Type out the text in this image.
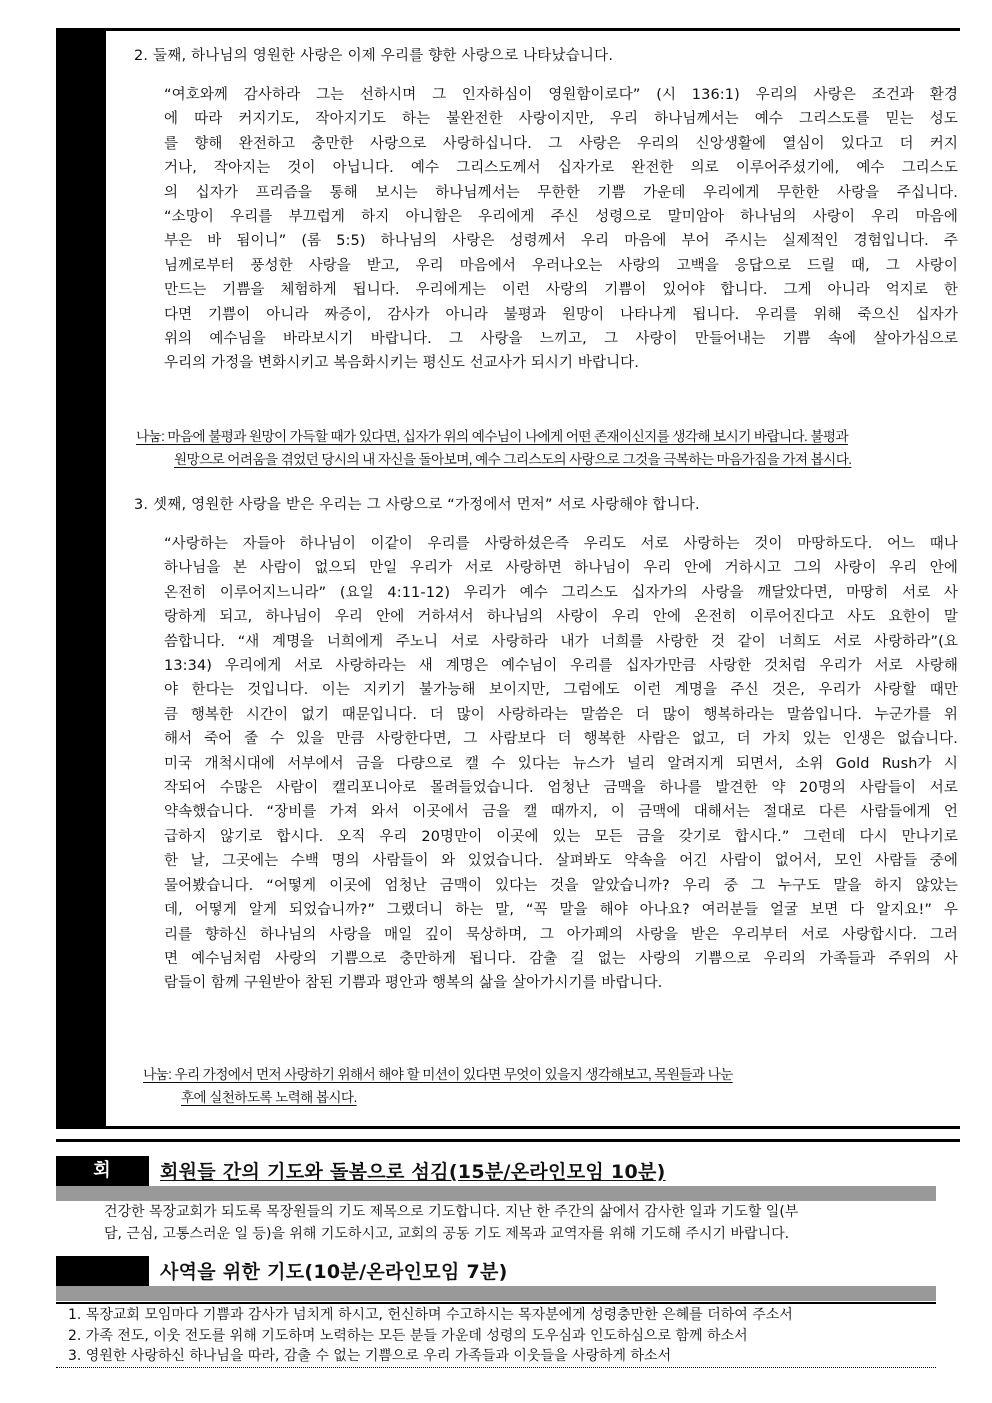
2. 둘째, 하나님의 영원한 사랑은 이제 우리를 향한 사랑으로 나타났습니다.
“여호와께 감사하라 그는 선하시며 그 인자하심이 영원함이로다” (시 136:1) 우리의 사랑은 조건과 환경
에 따라 커지기도, 작아지기도 하는 불완전한 사랑이지만, 우리 하나님께서는 예수 그리스도를 믿는 성도
를 향해 완전하고 충만한 사랑으로 사랑하십니다. 그 사랑은 우리의 신앙생활에 열심이 있다고 더 커지
거나, 작아지는 것이 아닙니다. 예수 그리스도께서 십자가로 완전한 의로 이루어주셨기에, 예수 그리스도
의 십자가 프리즘을 통해 보시는 하나님께서는 무한한 기쁨 가운데 우리에게 무한한 사랑을 주십니다.
“소망이 우리를 부끄럽게 하지 아니함은 우리에게 주신 성령으로 말미암아 하나님의 사랑이 우리 마음에
부은 바 됨이니” (롬 5:5) 하나님의 사랑은 성령께서 우리 마음에 부어 주시는 실제적인 경험입니다. 주
님께로부터 풍성한 사랑을 받고, 우리 마음에서 우러나오는 사랑의 고백을 응답으로 드릴 때, 그 사랑이
만드는 기쁨을 체험하게 됩니다. 우리에게는 이런 사랑의 기쁨이 있어야 합니다. 그게 아니라 억지로 한
다면 기쁨이 아니라 짜증이, 감사가 아니라 불평과 원망이 나타나게 됩니다. 우리를 위해 죽으신 십자가
위의 예수님을 바라보시기 바랍니다. 그 사랑을 느끼고, 그 사랑이 만들어내는 기쁨 속에 살아가심으로
우리의 가정을 변화시키고 복음화시키는 평신도 선교사가 되시기 바랍니다.
나눔: 마음에 불평과 원망이 가득할 때가 있다면, 십자가 위의 예수님이 나에게 어떤 존재이신지를 생각해 보시기 바랍니다. 불평과
원망으로 어려움을 겪었던 당시의 내 자신을 돌아보며, 예수 그리스도의 사랑으로 그것을 극복하는 마음가짐을 가져 봅시다.
3. 셋째, 영원한 사랑을 받은 우리는 그 사랑으로 “가정에서 먼저” 서로 사랑해야 합니다.
“사랑하는 자들아 하나님이 이같이 우리를 사랑하셨은즉 우리도 서로 사랑하는 것이 마땅하도다. 어느 때나
하나님을 본 사람이 없으되 만일 우리가 서로 사랑하면 하나님이 우리 안에 거하시고 그의 사랑이 우리 안에
온전히 이루어지느니라” (요일 4:11-12) 우리가 예수 그리스도 십자가의 사랑을 깨달았다면, 마땅히 서로 사
랑하게 되고, 하나님이 우리 안에 거하셔서 하나님의 사랑이 우리 안에 온전히 이루어진다고 사도 요한이 말
씀합니다. “새 계명을 너희에게 주노니 서로 사랑하라 내가 너희를 사랑한 것 같이 너희도 서로 사랑하라”(요
13:34) 우리에게 서로 사랑하라는 새 계명은 예수님이 우리를 십자가만큼 사랑한 것처럼 우리가 서로 사랑해
야 한다는 것입니다. 이는 지키기 불가능해 보이지만, 그럼에도 이런 계명을 주신 것은, 우리가 사랑할 때만
큼 행복한 시간이 없기 때문입니다. 더 많이 사랑하라는 말씀은 더 많이 행복하라는 말씀입니다. 누군가를 위
해서 죽어 줄 수 있을 만큼 사랑한다면, 그 사람보다 더 행복한 사람은 없고, 더 가치 있는 인생은 없습니다.
미국 개척시대에 서부에서 금을 다량으로 캘 수 있다는 뉴스가 널리 알려지게 되면서, 소위 Gold Rush가 시
작되어 수많은 사람이 캘리포니아로 몰려들었습니다. 엄청난 금맥을 하나를 발견한 약 20명의 사람들이 서로
약속했습니다. “장비를 가져 와서 이곳에서 금을 캘 때까지, 이 금맥에 대해서는 절대로 다른 사람들에게 언
급하지 않기로 합시다. 오직 우리 20명만이 이곳에 있는 모든 금을 갖기로 합시다.” 그런데 다시 만나기로
한 날, 그곳에는 수백 명의 사람들이 와 있었습니다. 살펴봐도 약속을 어긴 사람이 없어서, 모인 사람들 중에
물어봤습니다. “어떻게 이곳에 엄청난 금맥이 있다는 것을 알았습니까? 우리 중 그 누구도 말을 하지 않았는
데, 어떻게 알게 되었습니까?” 그랬더니 하는 말, “꼭 말을 해야 아나요? 여러분들 얼굴 보면 다 알지요!” 우
리를 향하신 하나님의 사랑을 매일 깊이 묵상하며, 그 아가페의 사랑을 받은 우리부터 서로 사랑합시다. 그러
면 예수님처럼 사랑의 기쁨으로 충만하게 됩니다. 감출 길 없는 사랑의 기쁨으로 우리의 가족들과 주위의 사
람들이 함께 구원받아 참된 기쁨과 평안과 행복의 삶을 살아가시기를 바랍니다.
나눔: 우리 가정에서 먼저 사랑하기 위해서 해야 할 미션이 있다면 무엇이 있을지 생각해보고, 목원들과 나눈
후에 실천하도록 노력해 봅시다.
회	회원들 간의 기도와 돌봄으로 섬김(15분/온라인모임 10분)
건강한 목장교회가 되도록 목장원들의 기도 제목으로 기도합니다. 지난 한 주간의 삶에서 감사한 일과 기도할 일(부
담, 근심, 고통스러운 일 등)을 위해 기도하시고, 교회의 공동 기도 제목과 교역자를 위해 기도해 주시기 바랍니다.
사역을 위한 기도(10분/온라인모임 7분)
1. 목장교회 모임마다 기쁨과 감사가 넘치게 하시고, 헌신하며 수고하시는 목자분에게 성령충만한 은혜를 더하여 주소서
2. 가족 전도, 이웃 전도를 위해 기도하며 노력하는 모든 분들 가운데 성령의 도우심과 인도하심으로 함께 하소서
3. 영원한 사랑하신 하나님을 따라, 감출 수 없는 기쁨으로 우리 가족들과 이웃들을 사랑하게 하소서
